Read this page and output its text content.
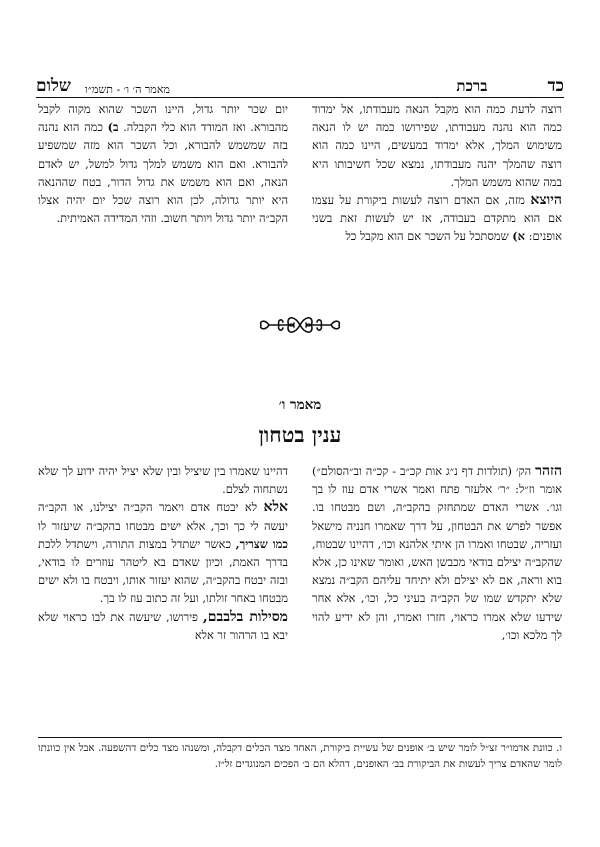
כד
ברכת
מאמר ה׳ ו׳ - תשמ״ו
שלום

רוצה לדעת כמה הוא מקבל הנאה מעבודתו, אל ימדוד כמה הוא נהנה מעבודתו, שפירושו כמה יש לו הנאה משימוש המלך, אלא ימדוד במעשים, היינו כמה הוא רוצה שהמלך יהנה מעבודתו, נמצא שכל חשיבותו היא במה שהוא משמש המלך.

היוצא מזה, אם האדם רוצה לעשות ביקורת על עצמו אם הוא מתקדם בעבודה, אז יש לעשות זאת בשני אופנים: א) שמסתכל על השכר אם הוא מקבל כל

יום שכר יותר גדול, היינו השכר שהוא מקוה לקבל מהבורא. ואז המודד הוא כלי הקבלה. ב) כמה הוא נהנה בזה שמשמש להבורא, וכל השכר הוא מזה שמשפיע להבורא. ואם הוא משמש למלך גדול למשל, יש לאדם הנאה, ואם הוא משמש את גדול הדור, בטח שההנאה היא יותר גדולה, לכן הוא רוצה שכל יום יהיה אצלו הקב״ה יותר גדול ויותר חשוב. וזהי המדידה האמיתית.

מאמר ו׳
ענין בטחון

הזהר הק׳ (תולדות דף נ״ג אות קכ״ב - קכ״ה וב״הסולם״) אומר וז״ל: ״ר׳ אלעזר פתח ואמר אשרי אדם עוז לו בך וגו׳. אשרי האדם שמתחזק בהקב״ה, ושם מבטחו בו. אפשר לפרש את הבטחון, על דרך שאמרו חנניה מישאל ועזריה, שבטחו ואמרו הן איתי אלהנא וכו׳, דהיינו שבטוח, שהקב״ה יצילם בודאי מכבשן האש, ואומר שאינו כן, אלא בוא וראה, אם לא יצילם ולא יתיחד עליהם הקב״ה נמצא שלא יתקדש שמו של הקב״ה בעיני כל, וכו׳, אלא אחר שידעו שלא אמרו כראוי, חזרו ואמרו, והן לא ידיע להוי לך מלכא וכו׳,

דהיינו שאמרו בין שיציל ובין שלא יציל יהיה ידוע לך שלא נשתחוה לצלם.

אלא לא יבטח אדם ויאמר הקב״ה יצילנו, או הקב״ה יעשה לי כך וכך, אלא ישים מבטחו בהקב״ה שיעזור לו כמו שצריך, כאשר ישתדל במצות התורה, וישתדל ללכת בדרך האמת, וכיון שאדם בא ליטהר עוזרים לו בודאי, ובזה יבטח בהקב״ה, שהוא יעזור אותו, ויבטח בו ולא ישים מבטחו באחר זולתו, ועל זה כתוב עוז לו בך.

מסילות בלבבם, פירושו, שיעשה את לבו כראוי שלא יבא בו הרהור זר אלא

ו. כוונת אדמו״ר זצ״ל לומר שיש ב׳ אופנים של עשיית ביקורת, האחד מצד הכלים דקבלה, ומשנהו מצד כלים דהשפעה. אבל אין כוונתו לומר שהאדם צריך לעשות את הביקורת בב׳ האופנים, דהלא הם ב׳ הפכים המנוגדים זל״ז.
